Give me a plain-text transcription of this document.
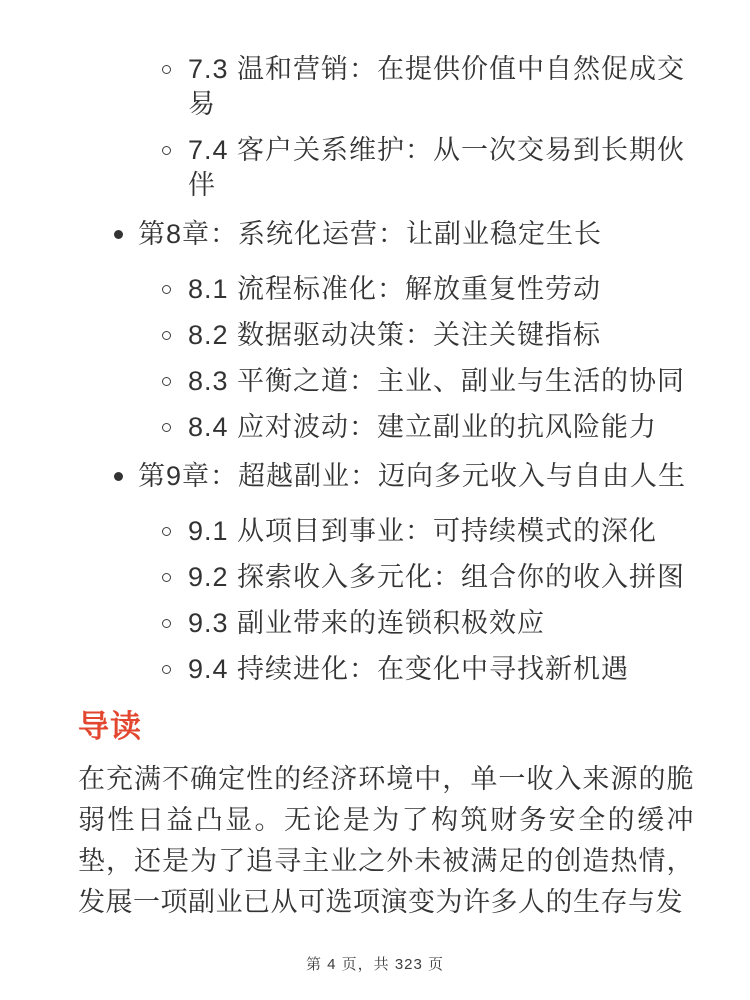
7.3 温和营销：在提供价值中自然促成交易
7.4 客户关系维护：从一次交易到长期伙伴
第8章：系统化运营：让副业稳定生长
8.1 流程标准化：解放重复性劳动
8.2 数据驱动决策：关注关键指标
8.3 平衡之道：主业、副业与生活的协同
8.4 应对波动：建立副业的抗风险能力
第9章：超越副业：迈向多元收入与自由人生
9.1 从项目到事业：可持续模式的深化
9.2 探索收入多元化：组合你的收入拼图
9.3 副业带来的连锁积极效应
9.4 持续进化：在变化中寻找新机遇
导读
在充满不确定性的经济环境中，单一收入来源的脆弱性日益凸显。无论是为了构筑财务安全的缓冲垫，还是为了追寻主业之外未被满足的创造热情，发展一项副业已从可选项演变为许多人的生存与发
第 4 页，共 323 页
